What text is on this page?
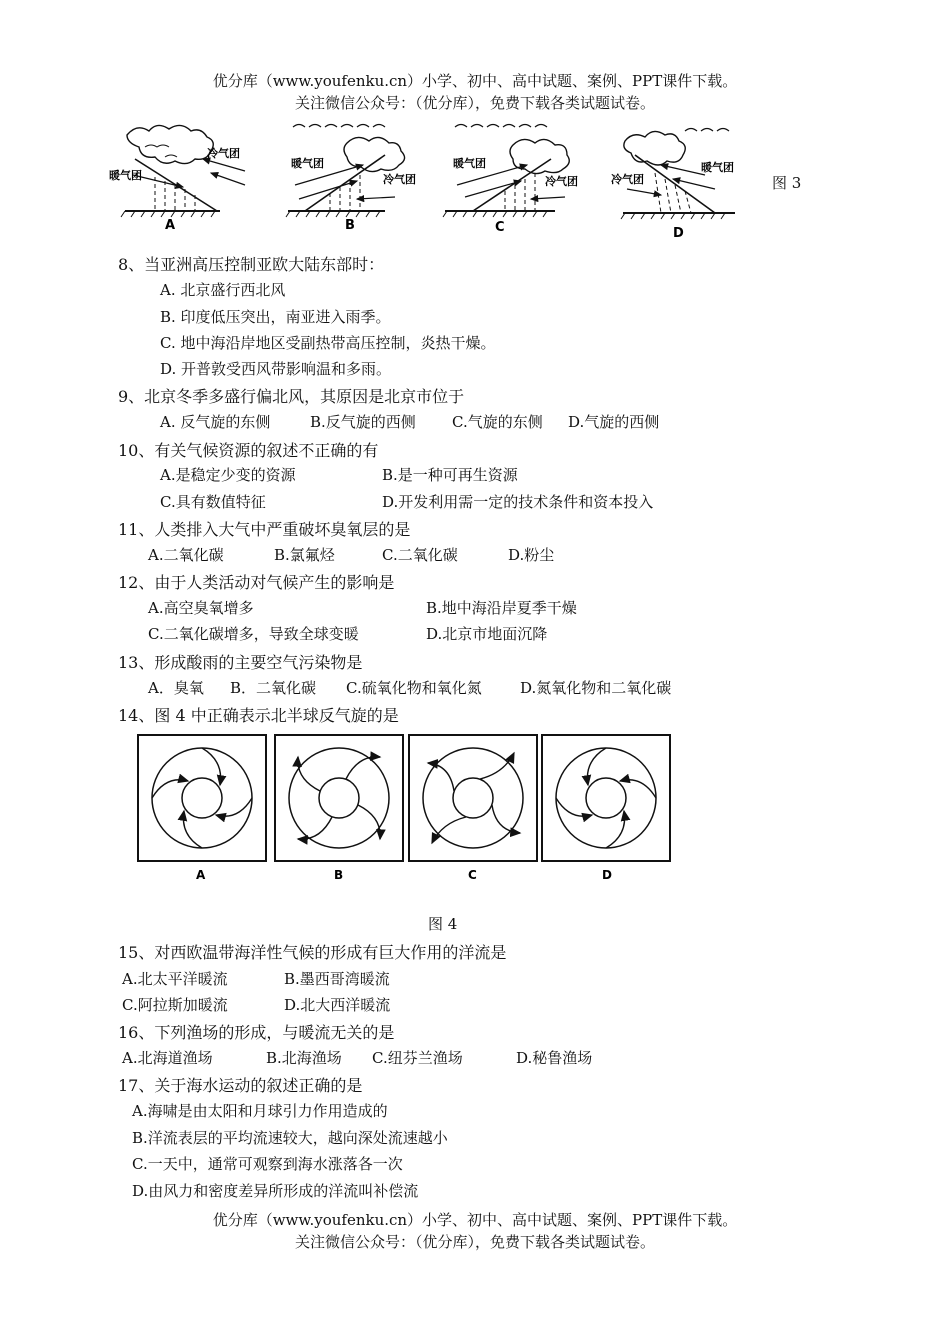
优分库（www.youfenku.cn）小学、初中、高中试题、案例、PPT课件下载。
关注微信公众号：（优分库），免费下载各类试题试卷。
暖气团
冷气团
A
暖气团
冷气团
B
暖气团
冷气团
C
冷气团
暖气团
D
图 3
8、当亚洲高压控制亚欧大陆东部时：
A. 北京盛行西北风
B. 印度低压突出，南亚进入雨季。
C. 地中海沿岸地区受副热带高压控制，炎热干燥。
D. 开普敦受西风带影响温和多雨。
9、北京冬季多盛行偏北风，其原因是北京市位于
A. 反气旋的东侧	B.反气旋的西侧 C.气旋的东侧 D.气旋的西侧
10、有关气候资源的叙述不正确的有
A.是稳定少变的资源	B.是一种可再生资源
C.具有数值特征	D.开发利用需一定的技术条件和资本投入
11、人类排入大气中严重破坏臭氧层的是
A.二氧化碳	B.氯氟烃	C.二氧化碳	D.粉尘
12、由于人类活动对气候产生的影响是
A.高空臭氧增多	B.地中海沿岸夏季干燥
C.二氧化碳增多，导致全球变暖	D.北京市地面沉降
13、形成酸雨的主要空气污染物是
A．臭氧 B．二氧化碳 C.硫氧化物和氧化氮	D.氮氧化物和二氧化碳
14、图 4 中正确表示北半球反气旋的是
A	B	C	D
图 4
15、对西欧温带海洋性气候的形成有巨大作用的洋流是
A.北太平洋暖流	B.墨西哥湾暖流
C.阿拉斯加暖流	D.北大西洋暖流
16、下列渔场的形成，与暖流无关的是
A.北海道渔场	B.北海渔场 C.纽芬兰渔场	D.秘鲁渔场
17、关于海水运动的叙述正确的是
A.海啸是由太阳和月球引力作用造成的
B.洋流表层的平均流速较大，越向深处流速越小
C.一天中，通常可观察到海水涨落各一次
D.由风力和密度差异所形成的洋流叫补偿流
优分库（www.youfenku.cn）小学、初中、高中试题、案例、PPT课件下载。
关注微信公众号：（优分库），免费下载各类试题试卷。
